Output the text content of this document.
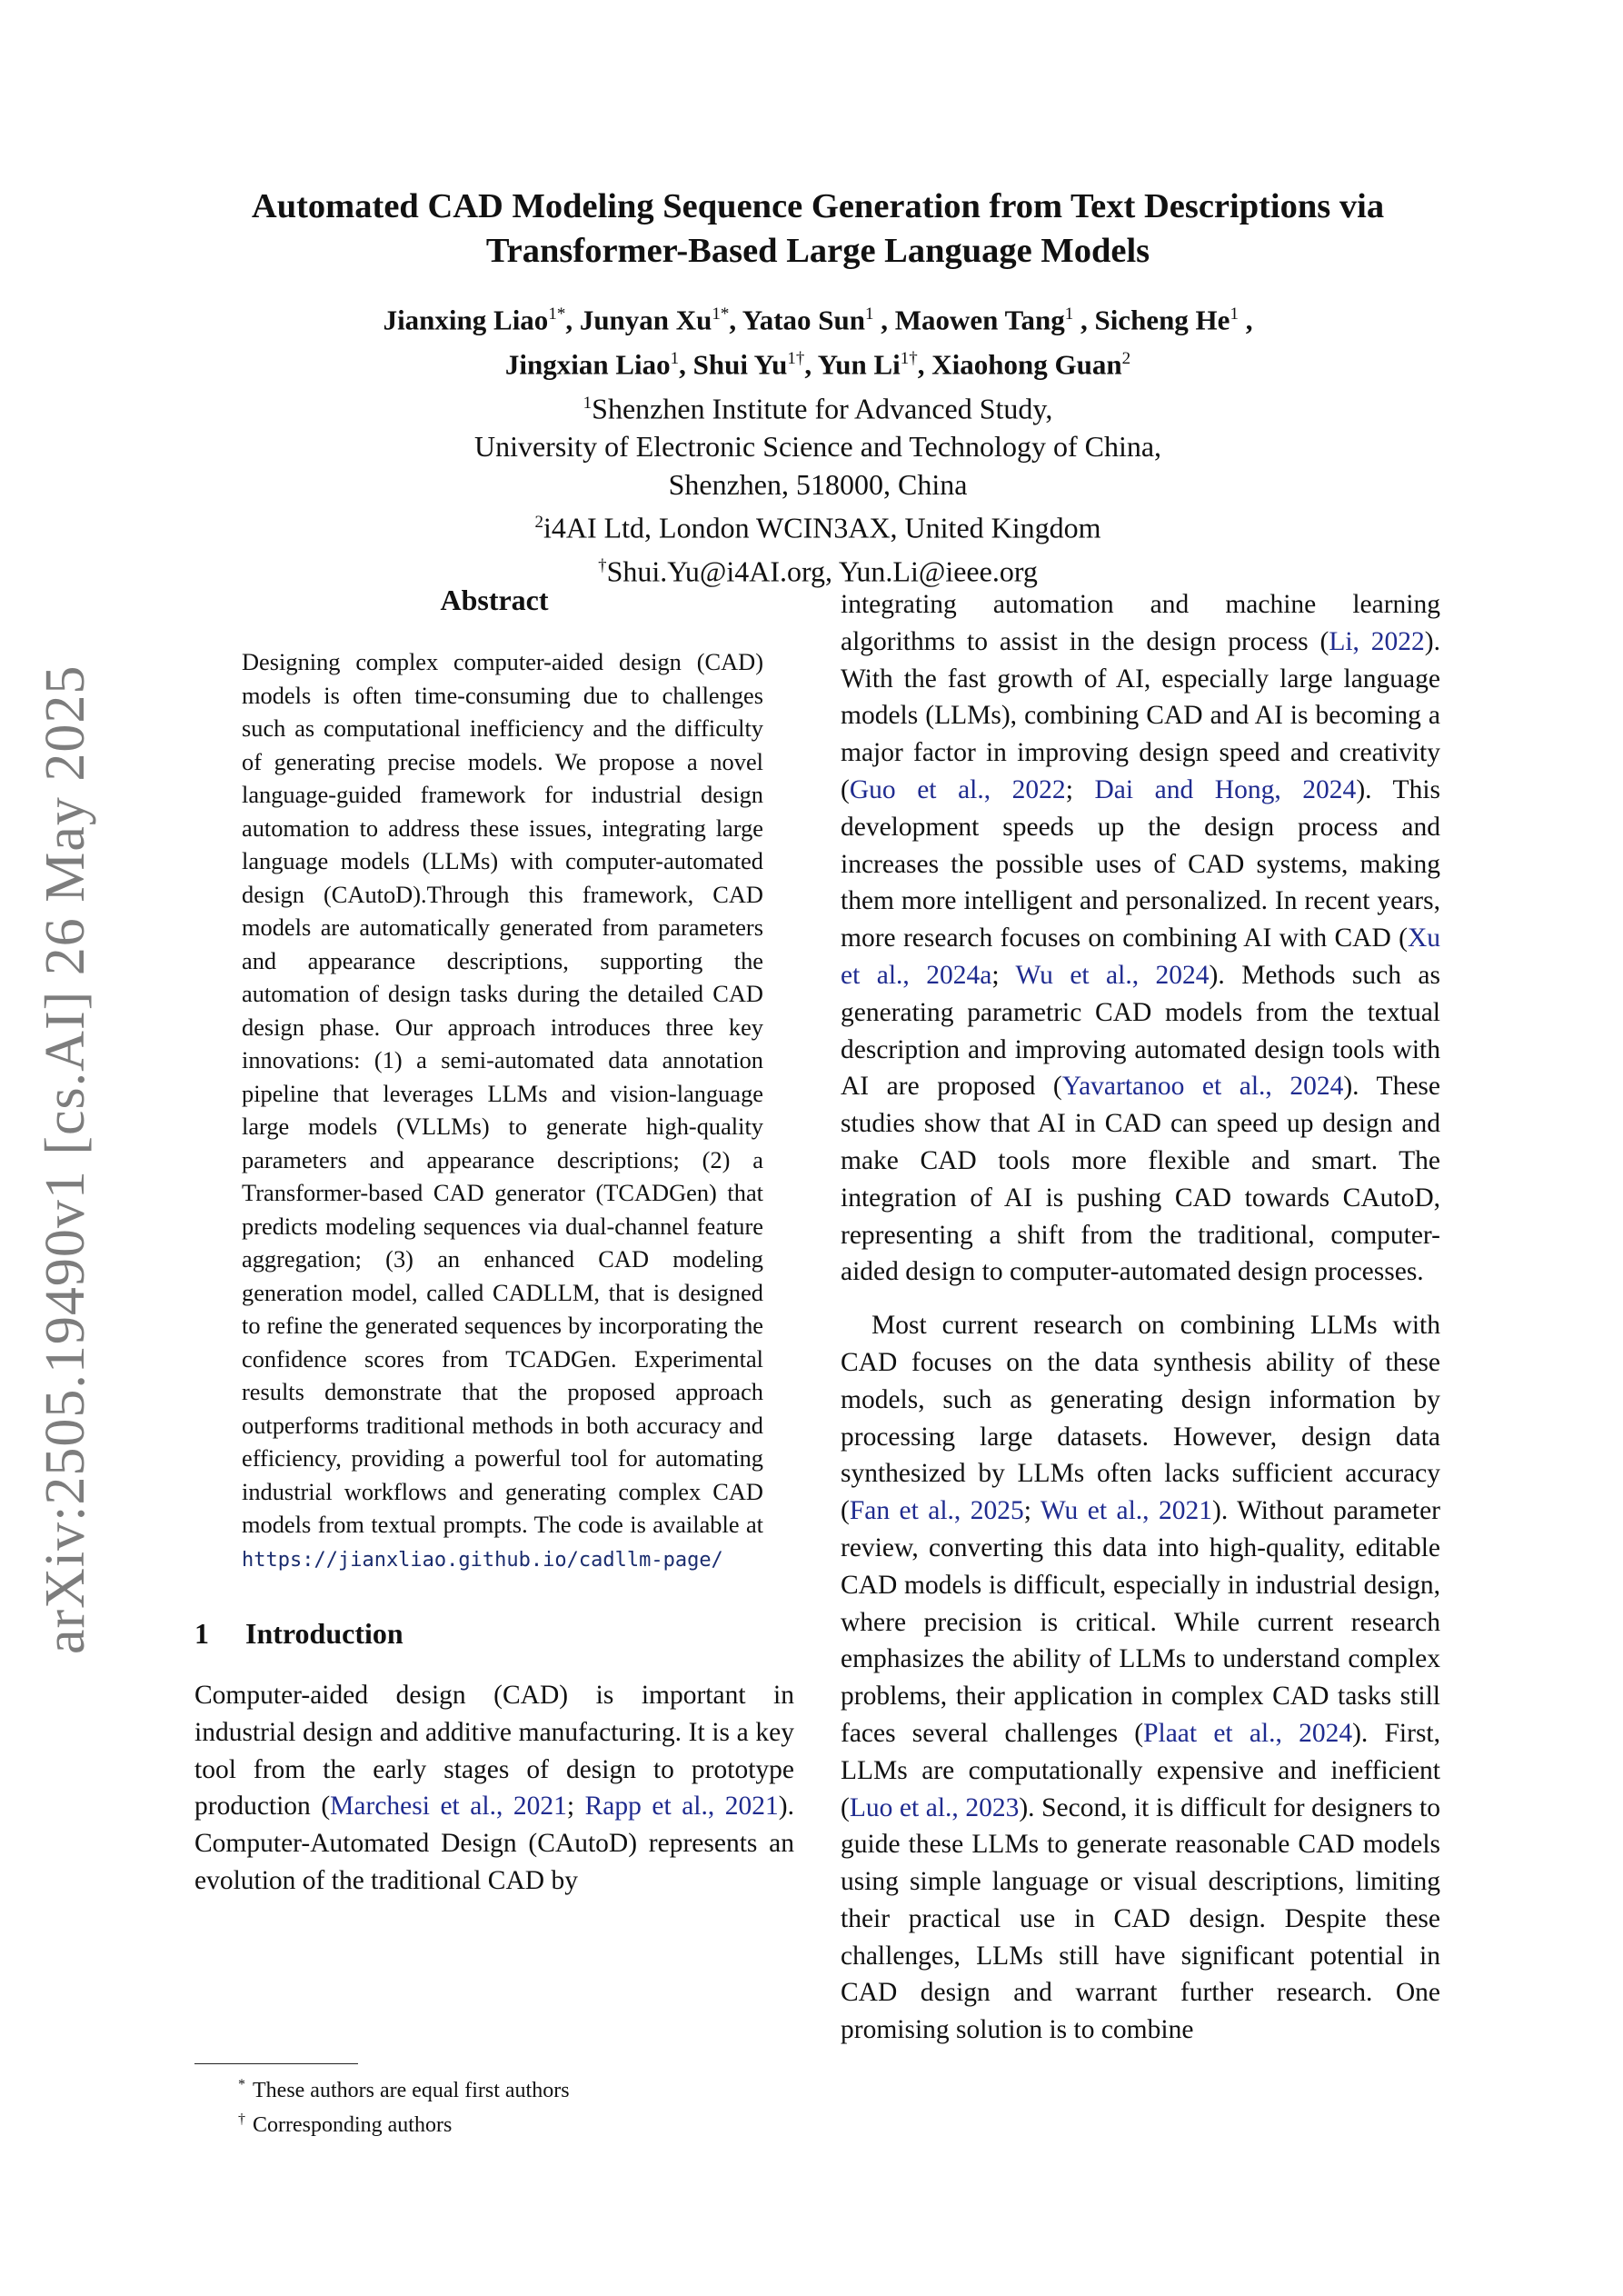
arXiv:2505.19490v1 [cs.AI] 26 May 2025
Automated CAD Modeling Sequence Generation from Text Descriptions via
Transformer-Based Large Language Models
Jianxing Liao$^{1*}$, Junyan $Xu^{1*}$, Yatao Sun$^1$ , Maowen Tang$^1$ , Sicheng He$^1$ ,
Jingxian Liao$^1$, Shui $Yu^{1\dagger}$, Yun $Li^{1\dagger}$, Xiaohong Guan$^2$
$^1$Shenzhen Institute for Advanced Study,
University of Electronic Science and Technology of China,
Shenzhen, 518000, China
$^2$i4AI Ltd, London WCIN3AX, United Kingdom
†Shui.Yu@i4AI.org, Yun.Li@ieee.org
Abstract

Designing complex computer-aided design (CAD) models is often time-consuming due to challenges such as computational inefficiency and the difficulty of generating precise models. We propose a novel language-guided framework for industrial design automation to address these issues, integrating large language models (LLMs) with computer-automated design (CAutoD).Through this framework, CAD models are automatically generated from parameters and appearance descriptions, supporting the automation of design tasks during the detailed CAD design phase. Our approach introduces three key innovations: (1) a semi-automated data annotation pipeline that leverages LLMs and vision-language large models (VLLMs) to generate high-quality parameters and appearance descriptions; (2) a Transformer-based CAD generator (TCADGen) that predicts modeling sequences via dual-channel feature aggregation; (3) an enhanced CAD modeling generation model, called CADLLM, that is designed to refine the generated sequences by incorporating the confidence scores from TCADGen. Experimental results demonstrate that the proposed approach outperforms traditional methods in both accuracy and efficiency, providing a powerful tool for automating industrial workflows and generating complex CAD models from textual prompts. The code is available at https://jianxliao.github.io/cadllm-page/

1 Introduction

Computer-aided design (CAD) is important in industrial design and additive manufacturing. It is a key tool from the early stages of design to prototype production (Marchesi et al., 2021; Rapp et al., 2021). Computer-Automated Design (CAutoD) represents an evolution of the traditional CAD by

integrating automation and machine learning algorithms to assist in the design process (Li, 2022). With the fast growth of AI, especially large language models (LLMs), combining CAD and AI is becoming a major factor in improving design speed and creativity (Guo et al., 2022; Dai and Hong, 2024). This development speeds up the design process and increases the possible uses of CAD systems, making them more intelligent and personalized. In recent years, more research focuses on combining AI with CAD (Xu et al., 2024a; Wu et al., 2024). Methods such as generating parametric CAD models from the textual description and improving automated design tools with AI are proposed (Yavartanoo et al., 2024). These studies show that AI in CAD can speed up design and make CAD tools more flexible and smart. The integration of AI is pushing CAD towards CAutoD, representing a shift from the traditional, computer-aided design to computer-automated design processes.

Most current research on combining LLMs with CAD focuses on the data synthesis ability of these models, such as generating design information by processing large datasets. However, design data synthesized by LLMs often lacks sufficient accuracy (Fan et al., 2025; Wu et al., 2021). Without parameter review, converting this data into high-quality, editable CAD models is difficult, especially in industrial design, where precision is critical. While current research emphasizes the ability of LLMs to understand complex problems, their application in complex CAD tasks still faces several challenges (Plaat et al., 2024). First, LLMs are computationally expensive and inefficient (Luo et al., 2023). Second, it is difficult for designers to guide these LLMs to generate reasonable CAD models using simple language or visual descriptions, limiting their practical use in CAD design. Despite these challenges, LLMs still have significant potential in CAD design and warrant further research. One promising solution is to combine

* These authors are equal first authors
† Corresponding authors
